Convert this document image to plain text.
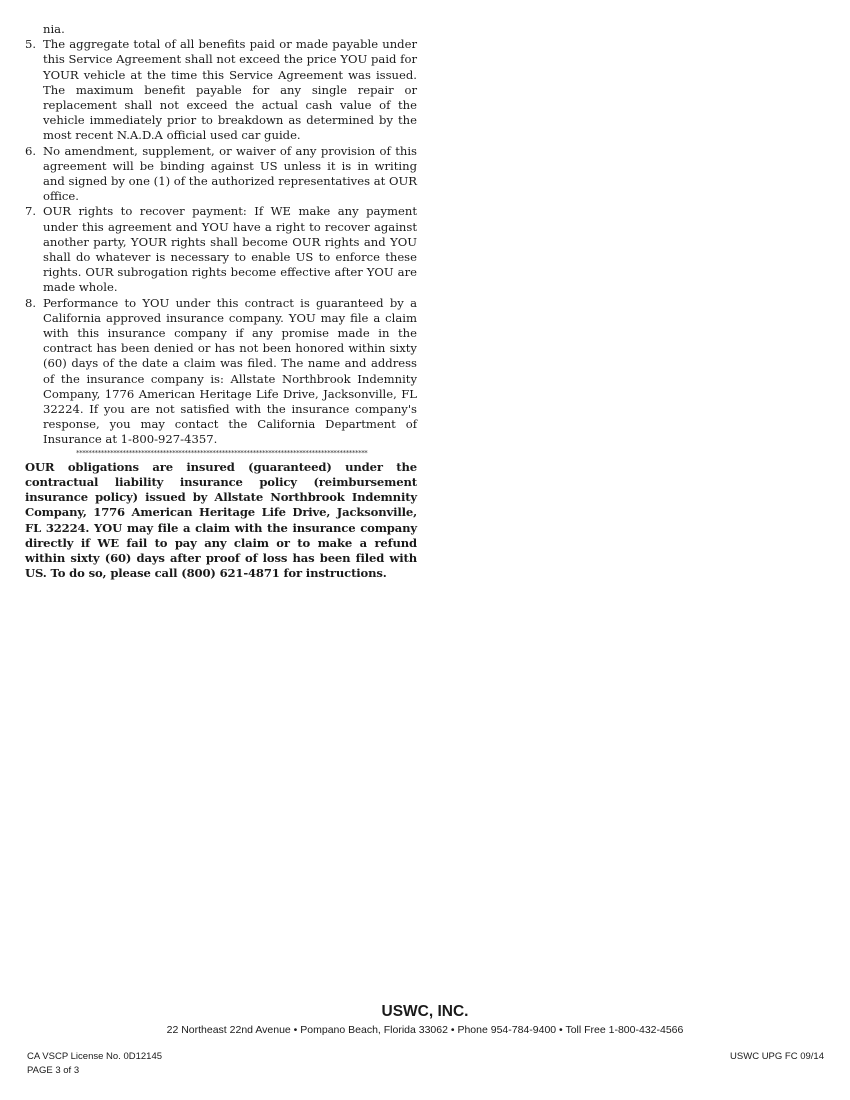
nia.
5. The aggregate total of all benefits paid or made payable under this Service Agreement shall not exceed the price YOU paid for YOUR vehicle at the time this Service Agreement was issued. The maximum benefit payable for any single repair or replacement shall not exceed the actual cash value of the vehicle immediately prior to breakdown as determined by the most recent N.A.D.A official used car guide.
6. No amendment, supplement, or waiver of any provision of this agreement will be binding against US unless it is in writing and signed by one (1) of the authorized representatives at OUR office.
7. OUR rights to recover payment: If WE make any payment under this agreement and YOU have a right to recover against another party, YOUR rights shall become OUR rights and YOU shall do whatever is necessary to enable US to enforce these rights. OUR subrogation rights become effective after YOU are made whole.
8. Performance to YOU under this contract is guaranteed by a California approved insurance company. YOU may file a claim with this insurance company if any promise made in the contract has been denied or has not been honored within sixty (60) days of the date a claim was filed. The name and address of the insurance company is: Allstate Northbrook Indemnity Company, 1776 American Heritage Life Drive, Jacksonville, FL 32224. If you are not satisfied with the insurance company's response, you may contact the California Department of Insurance at 1-800-927-4357.
**********************************************************************************************
OUR obligations are insured (guaranteed) under the contractual liability insurance policy (reimbursement insurance policy) issued by Allstate Northbrook Indemnity Company, 1776 American Heritage Life Drive, Jacksonville, FL 32224. YOU may file a claim with the insurance company directly if WE fail to pay any claim or to make a refund within sixty (60) days after proof of loss has been filed with US. To do so, please call (800) 621-4871 for instructions.
USWC, INC.
22 Northeast 22nd Avenue • Pompano Beach, Florida 33062 • Phone 954-784-9400 • Toll Free 1-800-432-4566
CA VSCP License No. 0D12145
PAGE 3 of 3
USWC UPG FC 09/14
